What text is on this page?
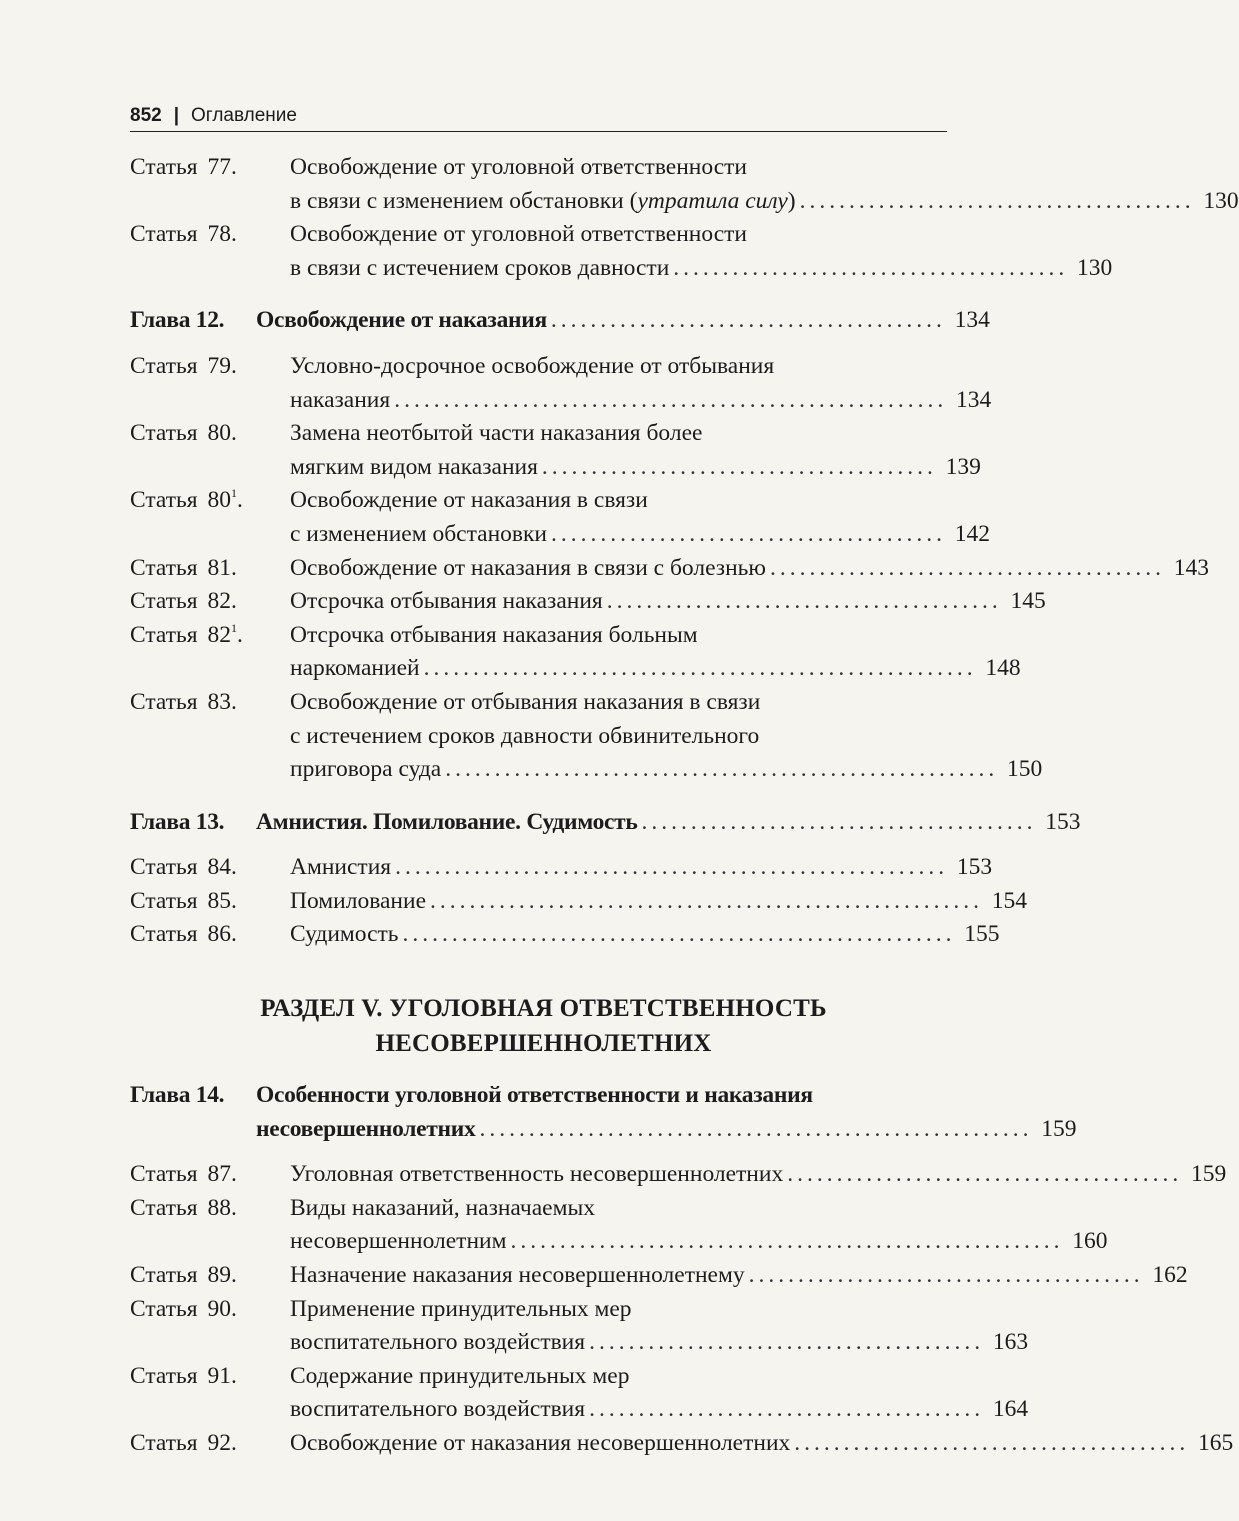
852 | Оглавление
Статья 77. Освобождение от уголовной ответственности
в связи с изменением обстановки (утратила силу) ........................................ 130
Статья 78. Освобождение от уголовной ответственности
в связи с истечением сроков давности ........................................ 130
Глава 12. Освобождение от наказания ........................................ 134
Статья 79. Условно-досрочное освобождение от отбывания
наказания ........................................................ 134
Статья 80. Замена неотбытой части наказания более
мягким видом наказания ........................................ 139
Статья $80^1$. Освобождение от наказания в связи
с изменением обстановки ........................................ 142
Статья 81. Освобождение от наказания в связи с болезнью ........................................ 143
Статья 82. Отсрочка отбывания наказания ........................................ 145
Статья $82^1$. Отсрочка отбывания наказания больным
наркоманией ........................................................ 148
Статья 83. Освобождение от отбывания наказания в связи
с истечением сроков давности обвинительного
приговора суда ........................................................ 150
Глава 13. Амнистия. Помилование. Судимость ........................................ 153
Статья 84. Амнистия ........................................................ 153
Статья 85. Помилование ........................................................ 154
Статья 86. Судимость ........................................................ 155
РАЗДЕЛ V. УГОЛОВНАЯ ОТВЕТСТВЕННОСТЬ
НЕСОВЕРШЕННОЛЕТНИХ
Глава 14. Особенности уголовной ответственности и наказания
несовершеннолетних ........................................................ 159
Статья 87. Уголовная ответственность несовершеннолетних ........................................ 159
Статья 88. Виды наказаний, назначаемых
несовершеннолетним ........................................................ 160
Статья 89. Назначение наказания несовершеннолетнему ........................................ 162
Статья 90. Применение принудительных мер
воспитательного воздействия ........................................ 163
Статья 91. Содержание принудительных мер
воспитательного воздействия ........................................ 164
Статья 92. Освобождение от наказания несовершеннолетних ........................................ 165
